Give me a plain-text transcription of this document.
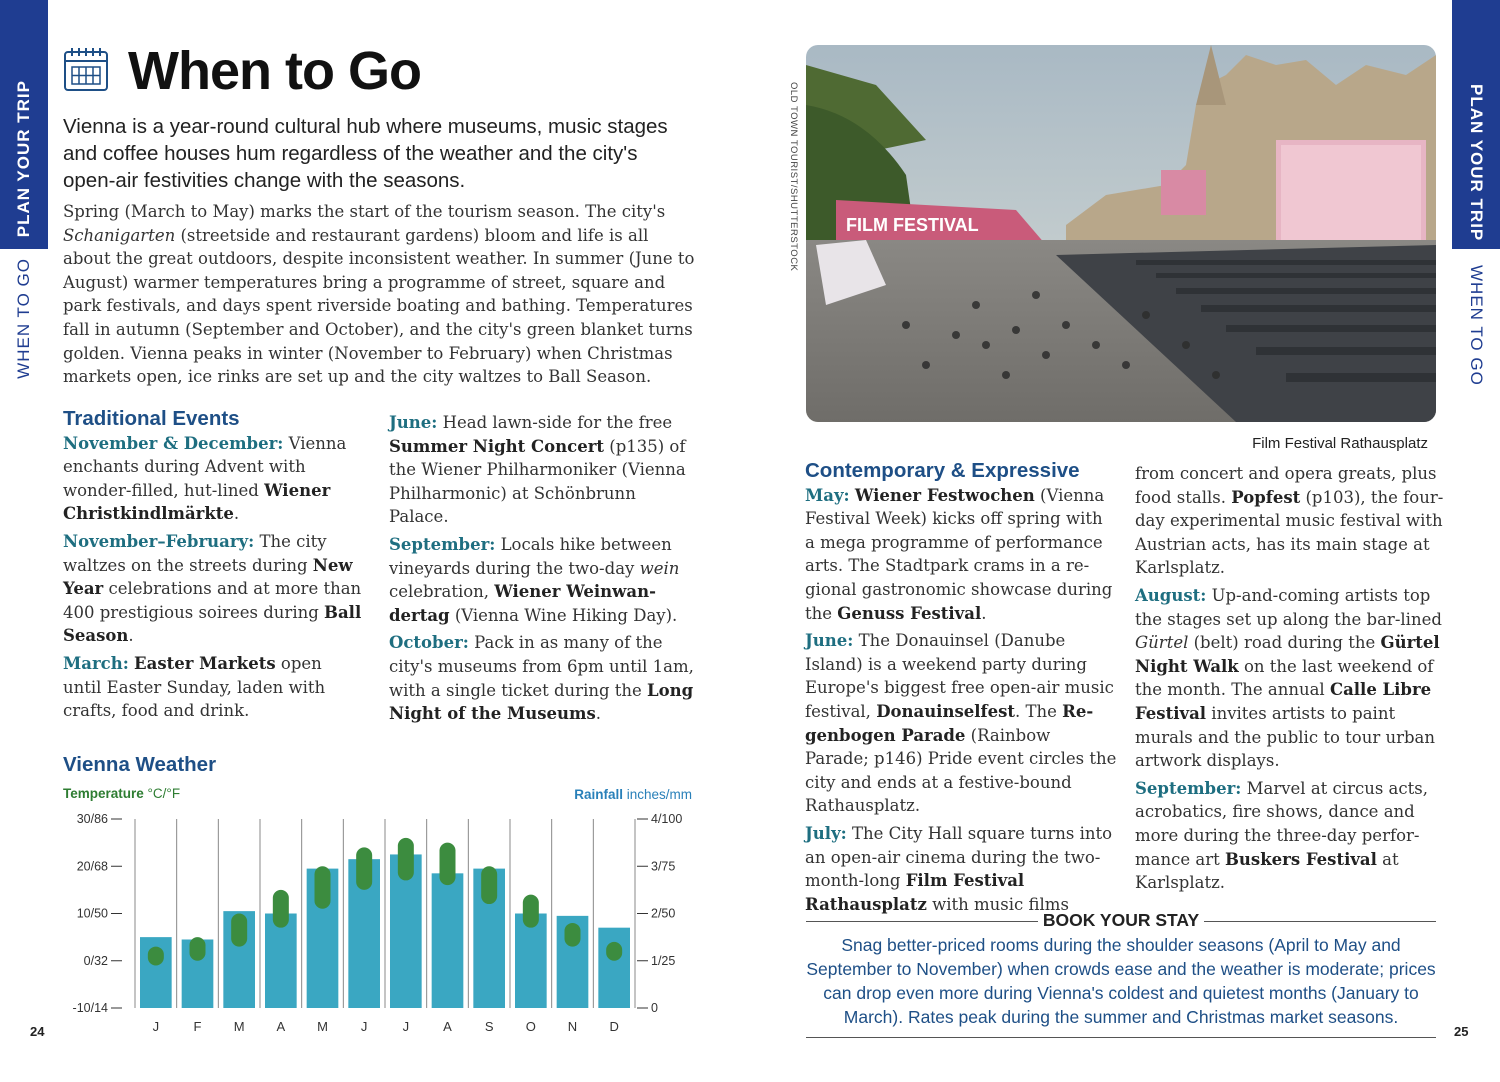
PLAN YOUR TRIP
WHEN TO GO
When to Go

Vienna is a year-round cultural hub where museums, music stages and coffee houses hum regardless of the weather and the city's open-air festivities change with the seasons.

Spring (March to May) marks the start of the tourism season. The city's Schanigarten (streetside and restaurant gardens) bloom and life is all about the great outdoors, despite inconsistent weather. In summer (June to August) warmer temperatures bring a programme of street, square and park festivals, and days spent riverside boating and bathing. Temperatures fall in autumn (September and October), and the city's green blanket turns golden. Vienna peaks in winter (November to February) when Christmas markets open, ice rinks are set up and the city waltzes to Ball Season.

Traditional Events

November & December: Vienna enchants during Advent with wonder-filled, hut-lined Wiener Christkindlmärkte.

November–February: The city waltzes on the streets during New Year celebrations and at more than 400 prestigious soirees during Ball Season.

March: Easter Markets open until Easter Sunday, laden with crafts, food and drink.

June: Head lawn-side for the free Summer Night Concert (p135) of the Wiener Philharmoniker (Vienna Philharmonic) at Schönbrunn Palace.

September: Locals hike between vineyards during the two-day wein celebration, Wiener Weinwan-dertag (Vienna Wine Hiking Day).

October: Pack in as many of the city's museums from 6pm until 1am, with a single ticket during the Long Night of the Museums.

Vienna Weather
Temperature °C/°F	Rainfall inches/mm
30/86
20/68
10/50
0/32
-10/14
4/100
3/75
2/50
1/25
0
J	F M A M	J	J	A	S O N D
24
OLD TOWN TOURIST/SHUTTERSTOCK	FILM FESTIVAL
Film Festival Rathausplatz
Contemporary & Expressive

May: Wiener Festwochen (Vienna Festival Week) kicks off spring with a mega programme of performance arts. The Stadtpark crams in a re-gional gastronomic showcase during the Genuss Festival.

June: The Donauinsel (Danube Island) is a weekend party during Europe's biggest free open-air music festival, Donauinselfest. The Re-genbogen Parade (Rainbow Parade; p146) Pride event circles the city and ends at a festive-bound Rathausplatz.

July: The City Hall square turns into an open-air cinema during the two-month-long Film Festival Rathausplatz with music films

from concert and opera greats, plus food stalls. Popfest (p103), the four-day experimental music festival with Austrian acts, has its main stage at Karlsplatz.

August: Up-and-coming artists top the stages set up along the bar-lined Gürtel (belt) road during the Gürtel Night Walk on the last weekend of the month. The annual Calle Libre Festival invites artists to paint murals and the public to tour urban artwork displays.

September: Marvel at circus acts, acrobatics, fire shows, dance and more during the three-day perfor-mance art Buskers Festival at Karlsplatz.

BOOK YOUR STAY

Snag better-priced rooms during the shoulder seasons (April to May and September to November) when crowds ease and the weather is moderate; prices can drop even more during Vienna's coldest and quietest months (January to March). Rates peak during the summer and Christmas market seasons.

PLAN YOUR TRIP
WHEN TO GO
25
